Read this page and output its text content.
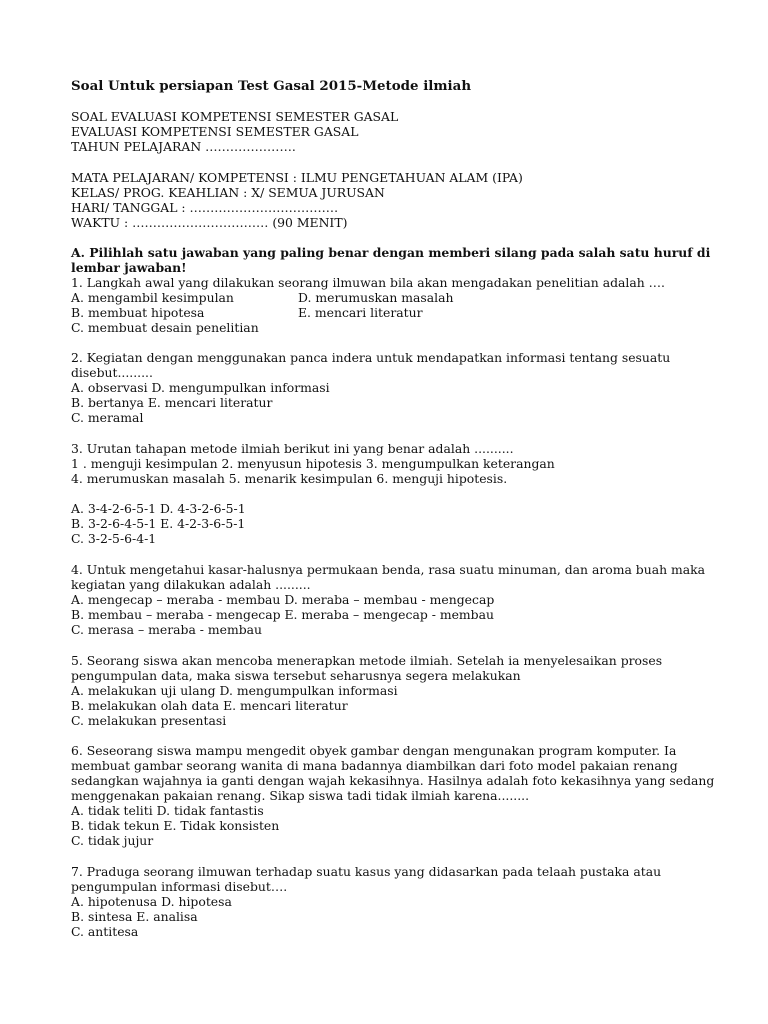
Soal Untuk persiapan Test Gasal 2015-Metode ilmiah
SOAL EVALUASI KOMPETENSI SEMESTER GASAL
EVALUASI KOMPETENSI SEMESTER GASAL
TAHUN PELAJARAN ………………….
MATA PELAJARAN/ KOMPETENSI : ILMU PENGETAHUAN ALAM (IPA)
KELAS/ PROG. KEAHLIAN : X/ SEMUA JURUSAN
HARI/ TANGGAL : ………………………………
WAKTU : …………………………… (90 MENIT)
A. Pilihlah satu jawaban yang paling benar dengan memberi silang pada salah satu huruf di
lembar jawaban!
1. Langkah awal yang dilakukan seorang ilmuwan bila akan mengadakan penelitian adalah ….
A. mengambil kesimpulan	D. merumuskan masalah
B. membuat hipotesa	E. mencari literatur
C. membuat desain penelitian
2. Kegiatan dengan menggunakan panca indera untuk mendapatkan informasi tentang sesuatu
disebut.........
A. observasi D. mengumpulkan informasi
B. bertanya E. mencari literatur
C. meramal
3. Urutan tahapan metode ilmiah berikut ini yang benar adalah ..........
1 . menguji kesimpulan 2. menyusun hipotesis 3. mengumpulkan keterangan
4. merumuskan masalah 5. menarik kesimpulan 6. menguji hipotesis.
A. 3-4-2-6-5-1 D. 4-3-2-6-5-1
B. 3-2-6-4-5-1 E. 4-2-3-6-5-1
C. 3-2-5-6-4-1
4. Untuk mengetahui kasar-halusnya permukaan benda, rasa suatu minuman, dan aroma buah maka
kegiatan yang dilakukan adalah .........
A. mengecap – meraba - membau D. meraba – membau - mengecap
B. membau – meraba - mengecap E. meraba – mengecap - membau
C. merasa – meraba - membau
5. Seorang siswa akan mencoba menerapkan metode ilmiah. Setelah ia menyelesaikan proses
pengumpulan data, maka siswa tersebut seharusnya segera melakukan
A. melakukan uji ulang D. mengumpulkan informasi
B. melakukan olah data E. mencari literatur
C. melakukan presentasi
6. Seseorang siswa mampu mengedit obyek gambar dengan mengunakan program komputer. Ia
membuat gambar seorang wanita di mana badannya diambilkan dari foto model pakaian renang
sedangkan wajahnya ia ganti dengan wajah kekasihnya. Hasilnya adalah foto kekasihnya yang sedang
menggenakan pakaian renang. Sikap siswa tadi tidak ilmiah karena........
A. tidak teliti D. tidak fantastis
B. tidak tekun E. Tidak konsisten
C. tidak jujur
7. Praduga seorang ilmuwan terhadap suatu kasus yang didasarkan pada telaah pustaka atau
pengumpulan informasi disebut….
A. hipotenusa D. hipotesa
B. sintesa E. analisa
C. antitesa
